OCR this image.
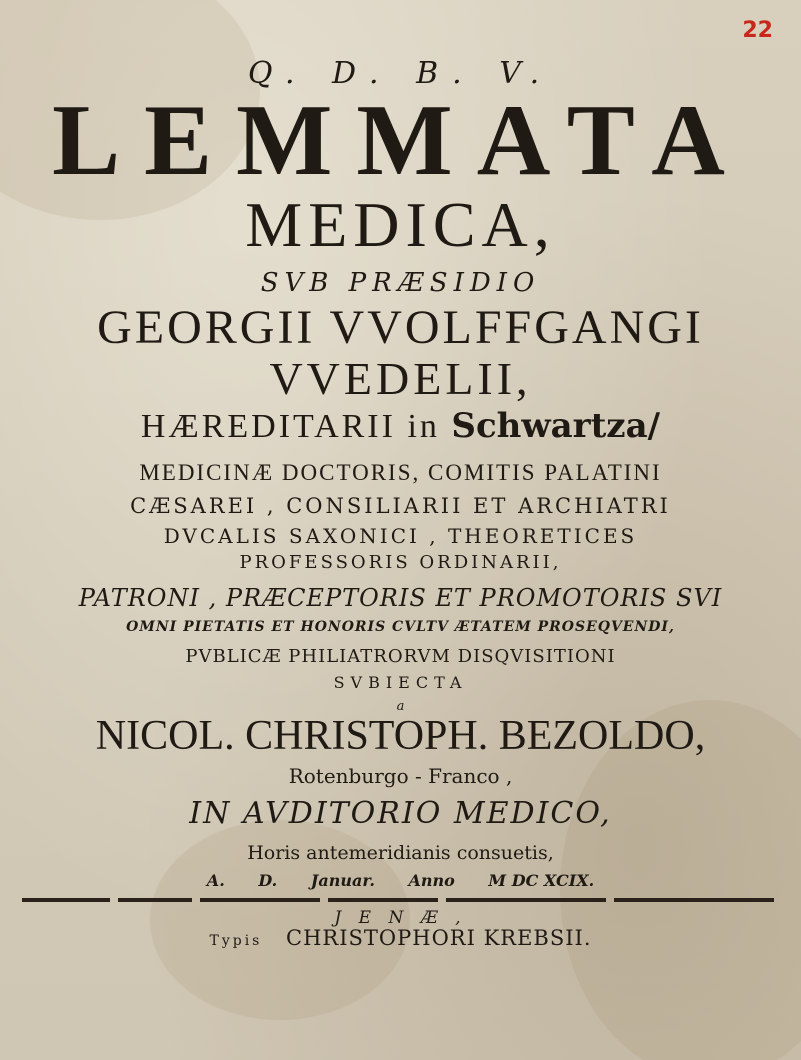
22
Q. D. B. V.
LEMMATA
MEDICA,
SVB PRÆSIDIO
GEORGII VVOLFFGANGI
VVEDELII,
HÆREDITARII in Schwartza/
MEDICINÆ DOCTORIS, COMITIS PALATINI
CÆSAREI , CONSILIARII ET ARCHIATRI
DVCALIS SAXONICI , THEORETICES
PROFESSORIS ORDINARII,
PATRONI , PRÆCEPTORIS ET PROMOTORIS SVI
OMNI PIETATIS ET HONORIS CVLTV ÆTATEM PROSEQVENDI,
PVBLICÆ PHILIATRORVM DISQVISITIONI
SVBIECTA
a
NICOL. CHRISTOPH. BEZOLDO,
Rotenburgo - Franco ,
IN AVDITORIO MEDICO,
Horis antemeridianis consuetis,
A. D. Januar. Anno M DC XCIX.
J E N Æ ,
Typis CHRISTOPHORI KREBSII.
